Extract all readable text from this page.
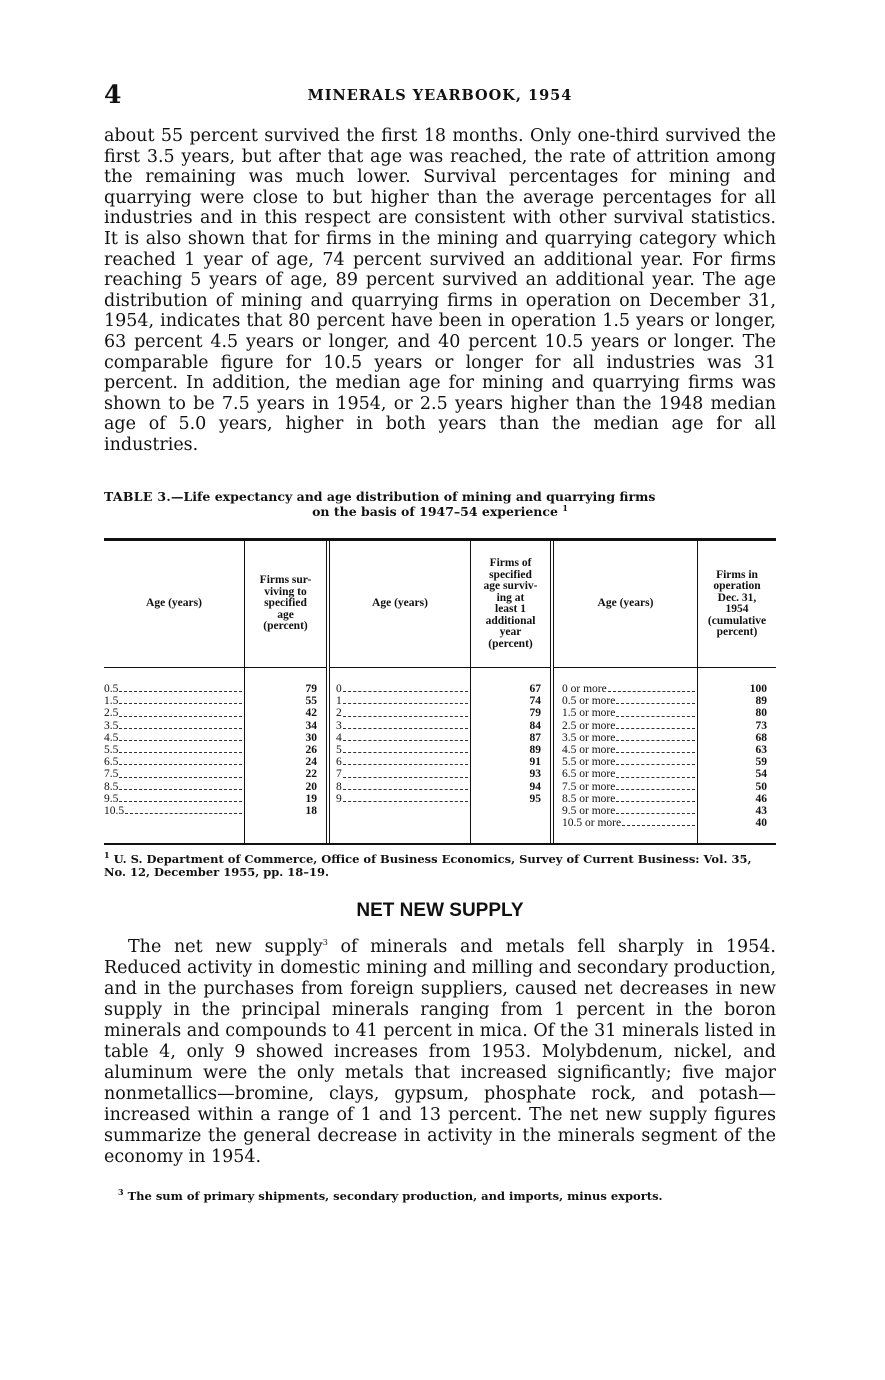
4	MINERALS YEARBOOK, 1954

about 55 percent survived the first 18 months. Only one-third survived the first 3.5 years, but after that age was reached, the rate of attrition among the remaining was much lower. Survival percentages for mining and quarrying were close to but higher than the average percentages for all industries and in this respect are consistent with other survival statistics. It is also shown that for firms in the mining and quarrying category which reached 1 year of age, 74 percent survived an additional year. For firms reaching 5 years of age, 89 percent survived an additional year. The age distribution of mining and quarrying firms in operation on December 31, 1954, indicates that 80 percent have been in operation 1.5 years or longer, 63 percent 4.5 years or longer, and 40 percent 10.5 years or longer. The comparable figure for 10.5 years or longer for all industries was 31 percent. In addition, the median age for mining and quarrying firms was shown to be 7.5 years in 1954, or 2.5 years higher than the 1948 median age of 5.0 years, higher in both years than the median age for all industries.

TABLE 3.—Life expectancy and age distribution of mining and quarrying firms
on the basis of 1947–54 experience $^1$
Age (years)
Firms sur-
viving to
specified
age
(percent)
Age (years)
Firms of
specified
age surviv-
ing at
least 1
additional
year
(percent)
Age (years)
Firms in
operation
Dec. 31,
1954
(cumulative
percent)
0.5
1.5
2.5
3.5
4.5
5.5
6.5
7.5
8.5
9.5
10.5
79
55
42
34
30
26
24
22
20
19
18
0
1
2
3
4
5
6
7
8
9
67
74
79
84
87
89
91
93
94
95
0 or more
0.5 or more
1.5 or more
2.5 or more
3.5 or more
4.5 or more
5.5 or more
6.5 or more
7.5 or more
8.5 or more
9.5 or more
10.5 or more
100
89
80
73
68
63
59
54
50
46
43
40
$^1$ U. S. Department of Commerce, Office of Business Economics, Survey of Current Business: Vol. 35, No. 12, December 1955, pp. 18–19.
NET NEW SUPPLY

The net new supply$^3$ of minerals and metals fell sharply in 1954. Reduced activity in domestic mining and milling and secondary production, and in the purchases from foreign suppliers, caused net decreases in new supply in the principal minerals ranging from 1 percent in the boron minerals and compounds to 41 percent in mica. Of the 31 minerals listed in table 4, only 9 showed increases from 1953. Molybdenum, nickel, and aluminum were the only metals that increased significantly; five major nonmetallics—bromine, clays, gypsum, phosphate rock, and potash—increased within a range of 1 and 13 percent. The net new supply figures summarize the general decrease in activity in the minerals segment of the economy in 1954.

$^3$ The sum of primary shipments, secondary production, and imports, minus exports.
